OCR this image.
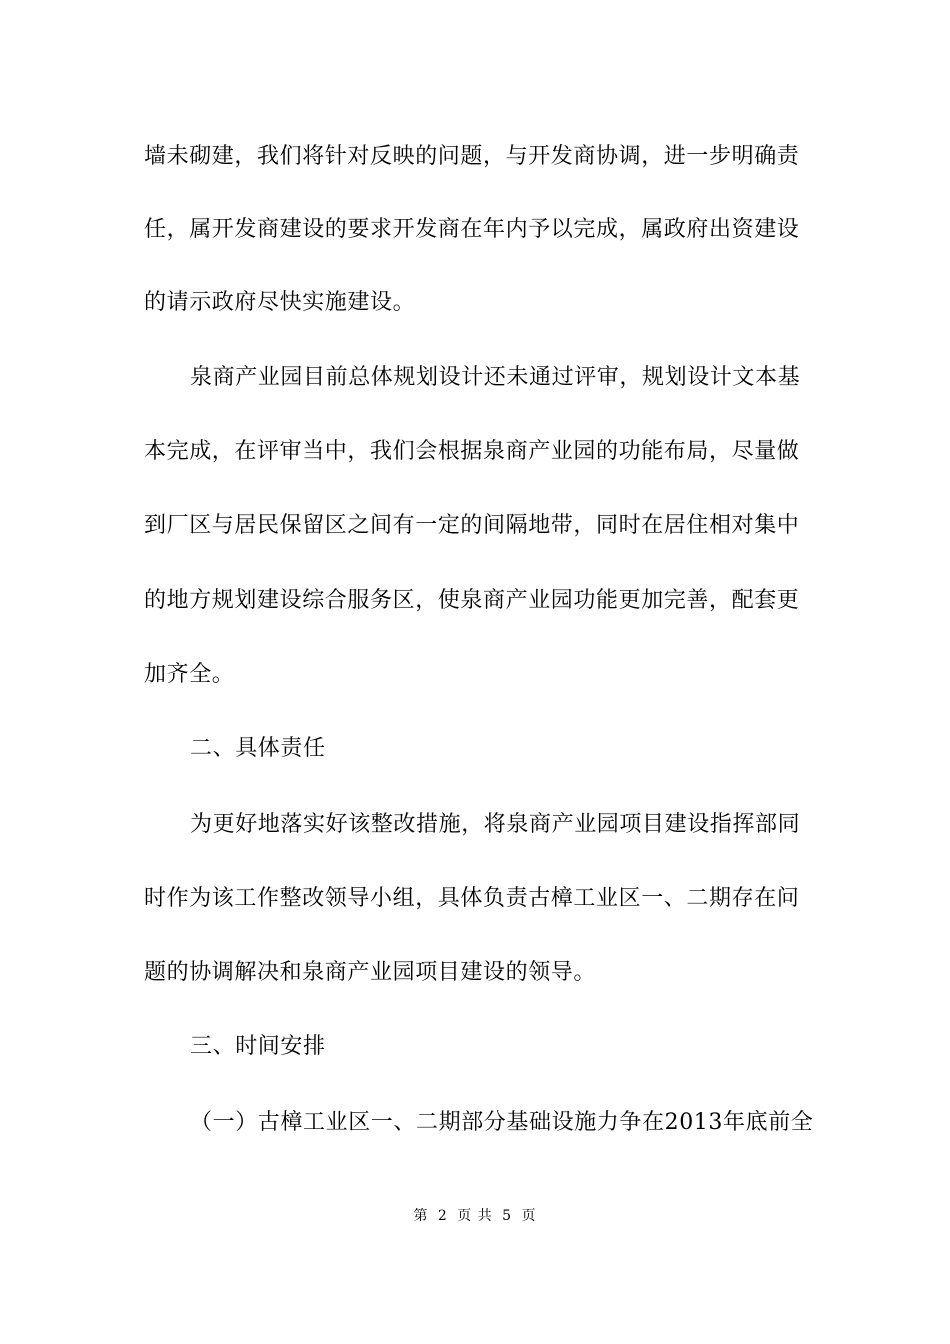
墙未砌建，我们将针对反映的问题，与开发商协调，进一步明确责
任，属开发商建设的要求开发商在年内予以完成，属政府出资建设
的请示政府尽快实施建设。
泉商产业园目前总体规划设计还未通过评审，规划设计文本基
本完成，在评审当中，我们会根据泉商产业园的功能布局，尽量做
到厂区与居民保留区之间有一定的间隔地带，同时在居住相对集中
的地方规划建设综合服务区，使泉商产业园功能更加完善，配套更
加齐全。
二、具体责任
为更好地落实好该整改措施，将泉商产业园项目建设指挥部同
时作为该工作整改领导小组，具体负责古樟工业区一、二期存在问
题的协调解决和泉商产业园项目建设的领导。
三、时间安排
（一）古樟工业区一、二期部分基础设施力争在2013年底前全
第 2 页 共 5 页
